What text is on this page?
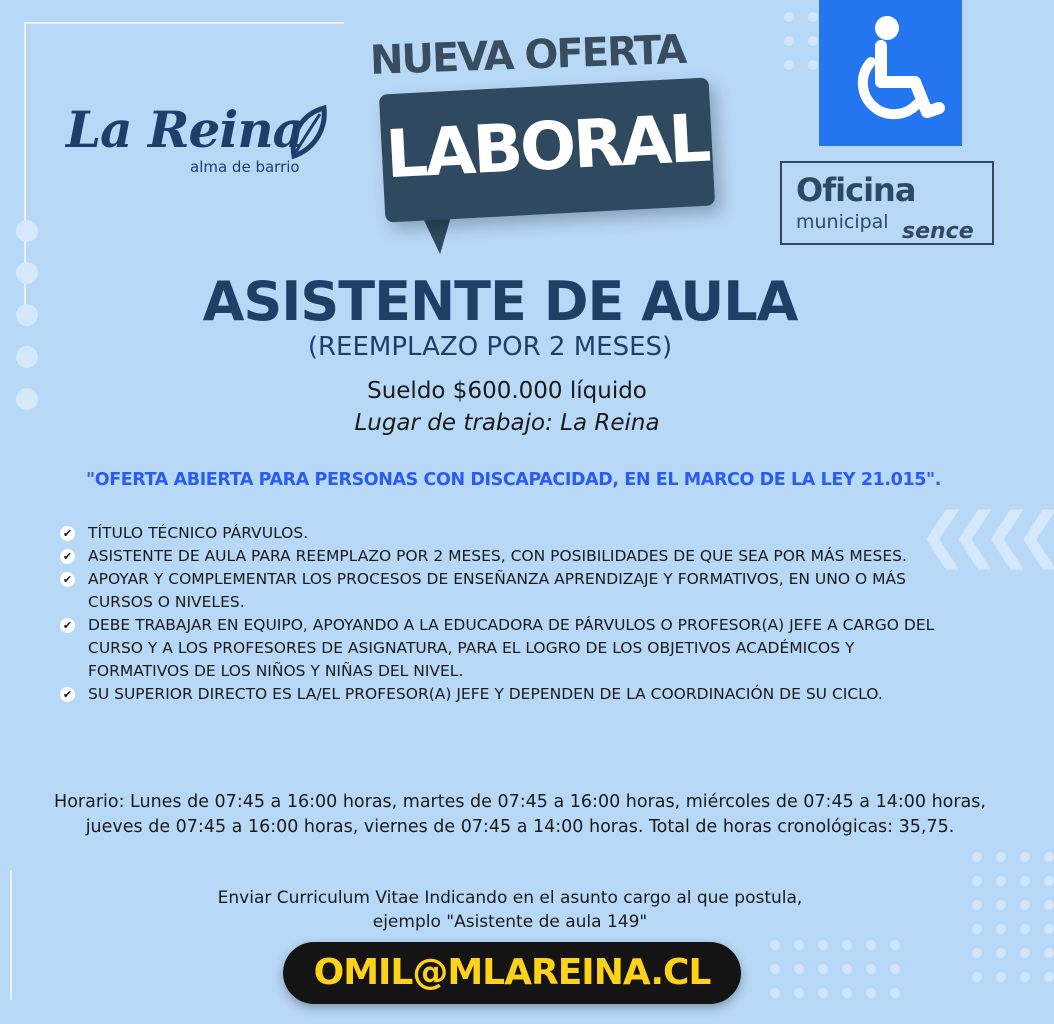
❮❮❮❮
La Reina
alma de barrio
NUEVA OFERTA
LABORAL	Oficina
municipal sence
ASISTENTE DE AULA
(REEMPLAZO POR 2 MESES)
Sueldo $600.000 líquido
Lugar de trabajo: La Reina
"OFERTA ABIERTA PARA PERSONAS CON DISCAPACIDAD, EN EL MARCO DE LA LEY 21.015".
✔ TÍTULO TÉCNICO PÁRVULOS.
✔ ASISTENTE DE AULA PARA REEMPLAZO POR 2 MESES, CON POSIBILIDADES DE QUE SEA POR MÁS MESES.
✔ APOYAR Y COMPLEMENTAR LOS PROCESOS DE ENSEÑANZA APRENDIZAJE Y FORMATIVOS, EN UNO O MÁS CURSOS O NIVELES.
✔ DEBE TRABAJAR EN EQUIPO, APOYANDO A LA EDUCADORA DE PÁRVULOS O PROFESOR(A) JEFE A CARGO DEL CURSO Y A LOS PROFESORES DE ASIGNATURA, PARA EL LOGRO DE LOS OBJETIVOS ACADÉMICOS Y FORMATIVOS DE LOS NIÑOS Y NIÑAS DEL NIVEL.
✔ SU SUPERIOR DIRECTO ES LA/EL PROFESOR(A) JEFE Y DEPENDEN DE LA COORDINACIÓN DE SU CICLO.
Horario: Lunes de 07:45 a 16:00 horas, martes de 07:45 a 16:00 horas, miércoles de 07:45 a 14:00 horas, jueves de 07:45 a 16:00 horas, viernes de 07:45 a 14:00 horas. Total de horas cronológicas: 35,75.
Enviar Curriculum Vitae Indicando en el asunto cargo al que postula,
ejemplo "Asistente de aula 149"
OMIL@MLAREINA.CL
